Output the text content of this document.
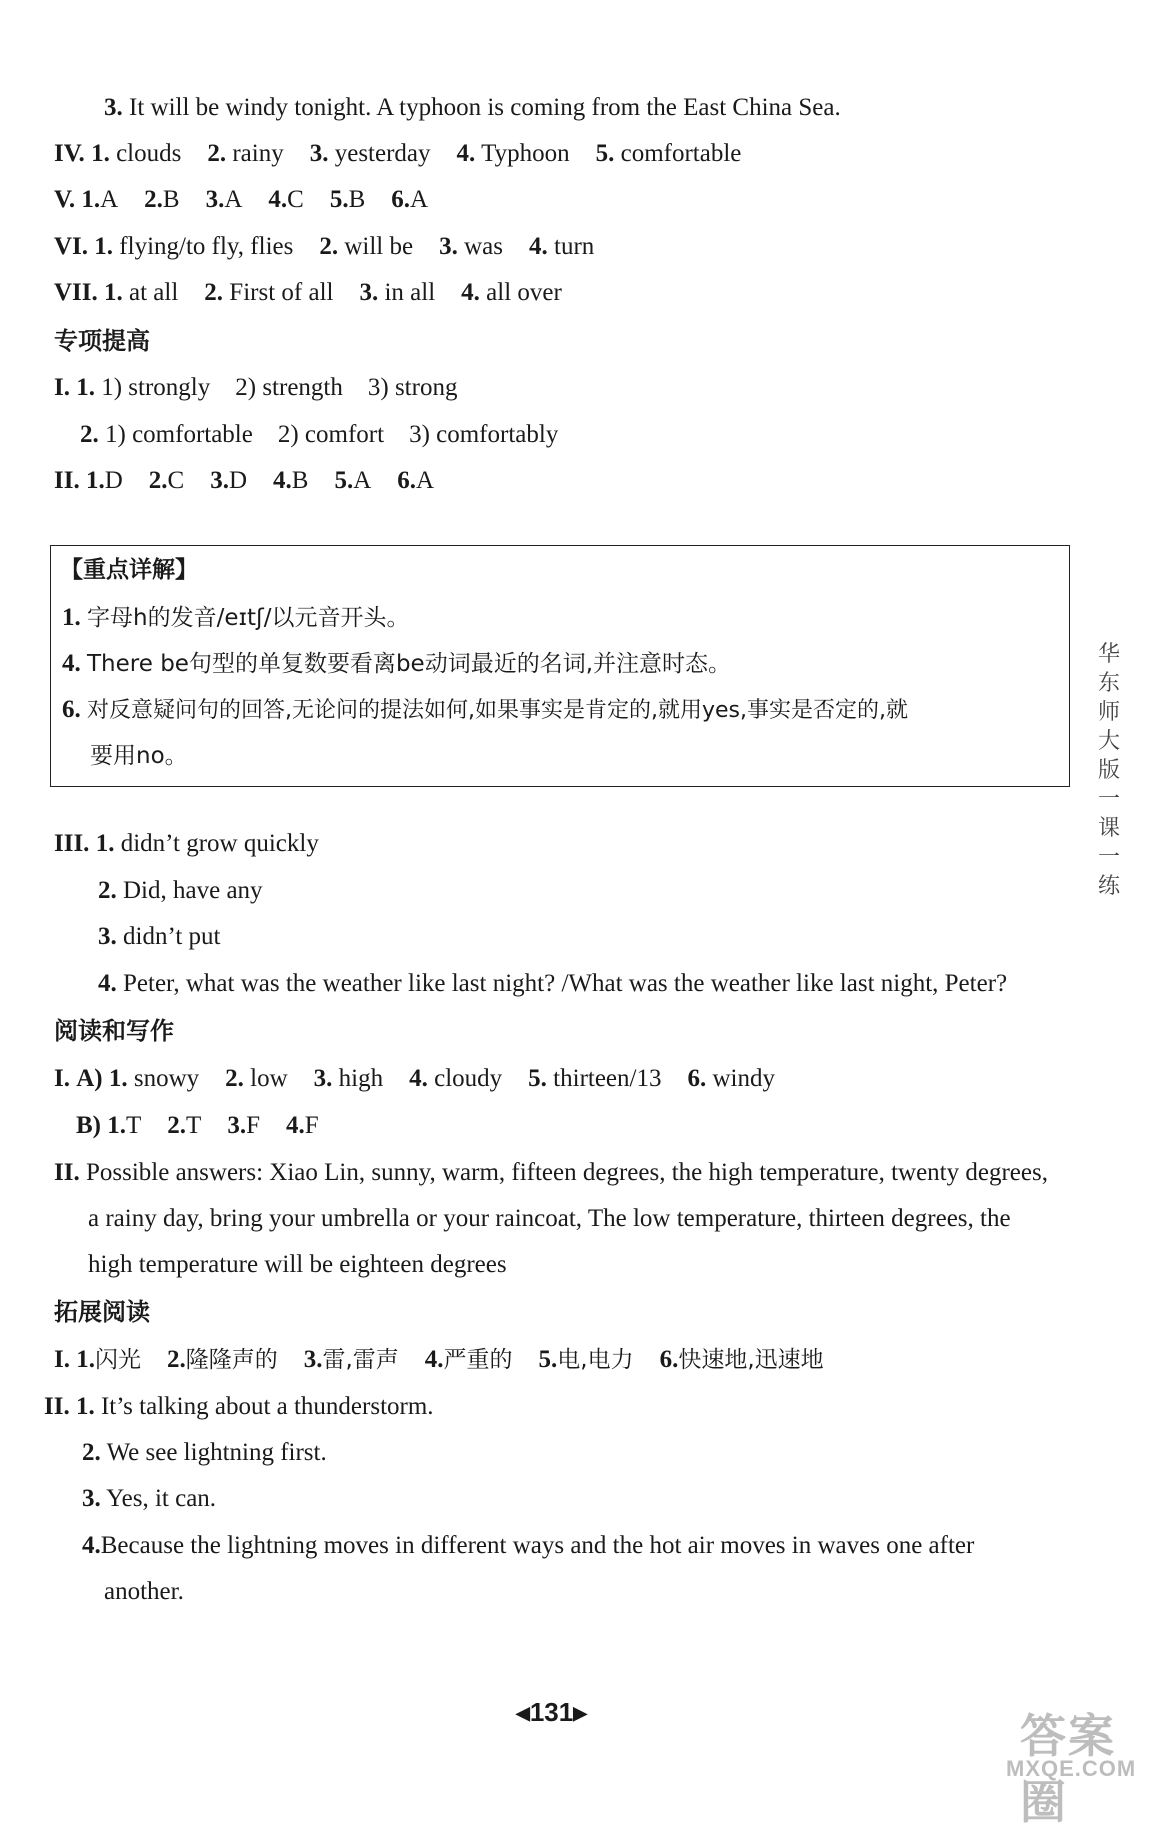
3. It will be windy tonight. A typhoon is coming from the East China Sea.
IV. 1. clouds 2. rainy 3. yesterday 4. Typhoon 5. comfortable
V. 1.A 2.B 3.A 4.C 5.B 6.A
VI. 1. flying/to fly, flies 2. will be 3. was 4. turn
VII. 1. at all 2. First of all 3. in all 4. all over
专项提高
I. 1. 1) strongly    2) strength    3) strong
2. 1) comfortable    2) comfort    3) comfortably
II. 1.D 2.C 3.D 4.B 5.A 6.A
【重点详解】
1. 字母h的发音/eɪtʃ/以元音开头。
4. There be句型的单复数要看离be动词最近的名词,并注意时态。
6. 对反意疑问句的回答,无论问的提法如何,如果事实是肯定的,就用yes,事实是否定的,就
要用no。
III. 1. didn’t grow quickly
2. Did, have any
3. didn’t put
4. Peter, what was the weather like last night? /What was the weather like last night, Peter?
阅读和写作
I. A) 1. snowy 2. low 3. high 4. cloudy 5. thirteen/13 6. windy
B) 1.T 2.T 3.F 4.F
II. Possible answers: Xiao Lin, sunny, warm, fifteen degrees, the high temperature, twenty degrees,
a rainy day, bring your umbrella or your raincoat, The low temperature, thirteen degrees, the
high temperature will be eighteen degrees
拓展阅读
I. 1.闪光 2.隆隆声的 3.雷,雷声 4.严重的 5.电,电力 6.快速地,迅速地
II. 1. It’s talking about a thunderstorm.
2. We see lightning first.
3. Yes, it can.
4.Because the lightning moves in different ways and the hot air moves in waves one after
another.
华东师大版一课一练
◀131▶	答案圈
MXQE.COM
